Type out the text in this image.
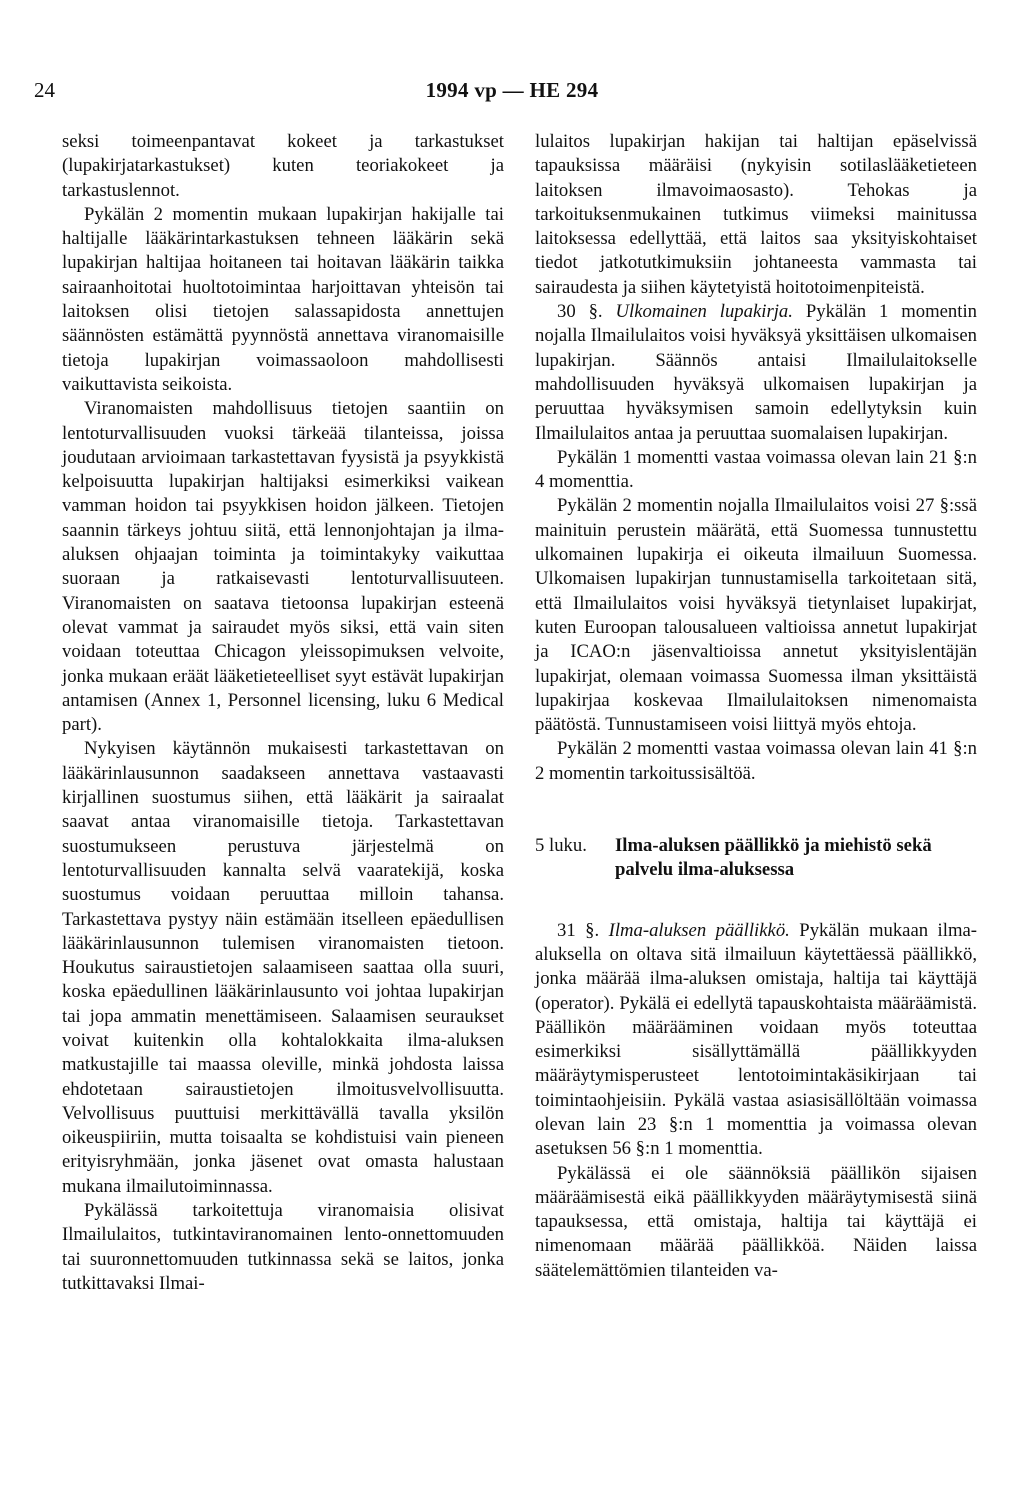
24	1994 vp — HE 294

seksi toimeenpantavat kokeet ja tarkastukset (lupakirjatarkastukset) kuten teoriakokeet ja tarkastuslennot.

Pykälän 2 momentin mukaan lupakirjan hakijalle tai haltijalle lääkärintarkastuksen tehneen lääkärin sekä lupakirjan haltijaa hoitaneen tai hoitavan lääkärin taikka sairaanhoitotai huoltotoimintaa harjoittavan yhteisön tai laitoksen olisi tietojen salassapidosta annettujen säännösten estämättä pyynnöstä annettava viranomaisille tietoja lupakirjan voimassaoloon mahdollisesti vaikuttavista seikoista.

Viranomaisten mahdollisuus tietojen saantiin on lentoturvallisuuden vuoksi tärkeää tilanteissa, joissa joudutaan arvioimaan tarkastettavan fyysistä ja psyykkistä kelpoisuutta lupakirjan haltijaksi esimerkiksi vaikean vamman hoidon tai psyykkisen hoidon jälkeen. Tietojen saannin tärkeys johtuu siitä, että lennonjohtajan ja ilma-aluksen ohjaajan toiminta ja toimintakyky vaikuttaa suoraan ja ratkaisevasti lentoturvallisuuteen. Viranomaisten on saatava tietoonsa lupakirjan esteenä olevat vammat ja sairaudet myös siksi, että vain siten voidaan toteuttaa Chicagon yleissopimuksen velvoite, jonka mukaan eräät lääketieteelliset syyt estävät lupakirjan antamisen (Annex 1, Personnel licensing, luku 6 Medical part).

Nykyisen käytännön mukaisesti tarkastettavan on lääkärinlausunnon saadakseen annettava vastaavasti kirjallinen suostumus siihen, että lääkärit ja sairaalat saavat antaa viranomaisille tietoja. Tarkastettavan suostumukseen perustuva järjestelmä on lentoturvallisuuden kannalta selvä vaaratekijä, koska suostumus voidaan peruuttaa milloin tahansa. Tarkastettava pystyy näin estämään itselleen epäedullisen lääkärinlausunnon tulemisen viranomaisten tietoon. Houkutus sairaustietojen salaamiseen saattaa olla suuri, koska epäedullinen lääkärinlausunto voi johtaa lupakirjan tai jopa ammatin menettämiseen. Salaamisen seuraukset voivat kuitenkin olla kohtalokkaita ilma-aluksen matkustajille tai maassa oleville, minkä johdosta laissa ehdotetaan sairaustietojen ilmoitusvelvollisuutta. Velvollisuus puuttuisi merkittävällä tavalla yksilön oikeuspiiriin, mutta toisaalta se kohdistuisi vain pieneen erityisryhmään, jonka jäsenet ovat omasta halustaan mukana ilmailutoiminnassa.

Pykälässä tarkoitettuja viranomaisia olisivat Ilmailulaitos, tutkintaviranomainen lento-onnettomuuden tai suuronnettomuuden tutkinnassa sekä se laitos, jonka tutkittavaksi Ilmai-

lulaitos lupakirjan hakijan tai haltijan epäselvissä tapauksissa määräisi (nykyisin sotilaslääketieteen laitoksen ilmavoimaosasto). Tehokas ja tarkoituksenmukainen tutkimus viimeksi mainitussa laitoksessa edellyttää, että laitos saa yksityiskohtaiset tiedot jatkotutkimuksiin johtaneesta vammasta tai sairaudesta ja siihen käytetyistä hoitotoimenpiteistä.

30 §. Ulkomainen lupakirja. Pykälän 1 momentin nojalla Ilmailulaitos voisi hyväksyä yksittäisen ulkomaisen lupakirjan. Säännös antaisi Ilmailulaitokselle mahdollisuuden hyväksyä ulkomaisen lupakirjan ja peruuttaa hyväksymisen samoin edellytyksin kuin Ilmailulaitos antaa ja peruuttaa suomalaisen lupakirjan.

Pykälän 1 momentti vastaa voimassa olevan lain 21 §:n 4 momenttia.

Pykälän 2 momentin nojalla Ilmailulaitos voisi 27 §:ssä mainituin perustein määrätä, että Suomessa tunnustettu ulkomainen lupakirja ei oikeuta ilmailuun Suomessa. Ulkomaisen lupakirjan tunnustamisella tarkoitetaan sitä, että Ilmailulaitos voisi hyväksyä tietynlaiset lupakirjat, kuten Euroopan talousalueen valtioissa annetut lupakirjat ja ICAO:n jäsenvaltioissa annetut yksityislentäjän lupakirjat, olemaan voimassa Suomessa ilman yksittäistä lupakirjaa koskevaa Ilmailulaitoksen nimenomaista päätöstä. Tunnustamiseen voisi liittyä myös ehtoja.

Pykälän 2 momentti vastaa voimassa olevan lain 41 §:n 2 momentin tarkoitussisältöä.

5 luku.	Ilma-aluksen päällikkö ja miehistö sekä palvelu ilma-aluksessa

31 §. Ilma-aluksen päällikkö. Pykälän mukaan ilma-aluksella on oltava sitä ilmailuun käytettäessä päällikkö, jonka määrää ilma-aluksen omistaja, haltija tai käyttäjä (operator). Pykälä ei edellytä tapauskohtaista määräämistä. Päällikön määrääminen voidaan myös toteuttaa esimerkiksi sisällyttämällä päällikkyyden määräytymisperusteet lentotoimintakäsikirjaan tai toimintaohjeisiin. Pykälä vastaa asiasisällöltään voimassa olevan lain 23 §:n 1 momenttia ja voimassa olevan asetuksen 56 §:n 1 momenttia.

Pykälässä ei ole säännöksiä päällikön sijaisen määräämisestä eikä päällikkyyden määräytymisestä siinä tapauksessa, että omistaja, haltija tai käyttäjä ei nimenomaan määrää päällikköä. Näiden laissa säätelemättömien tilanteiden va-
